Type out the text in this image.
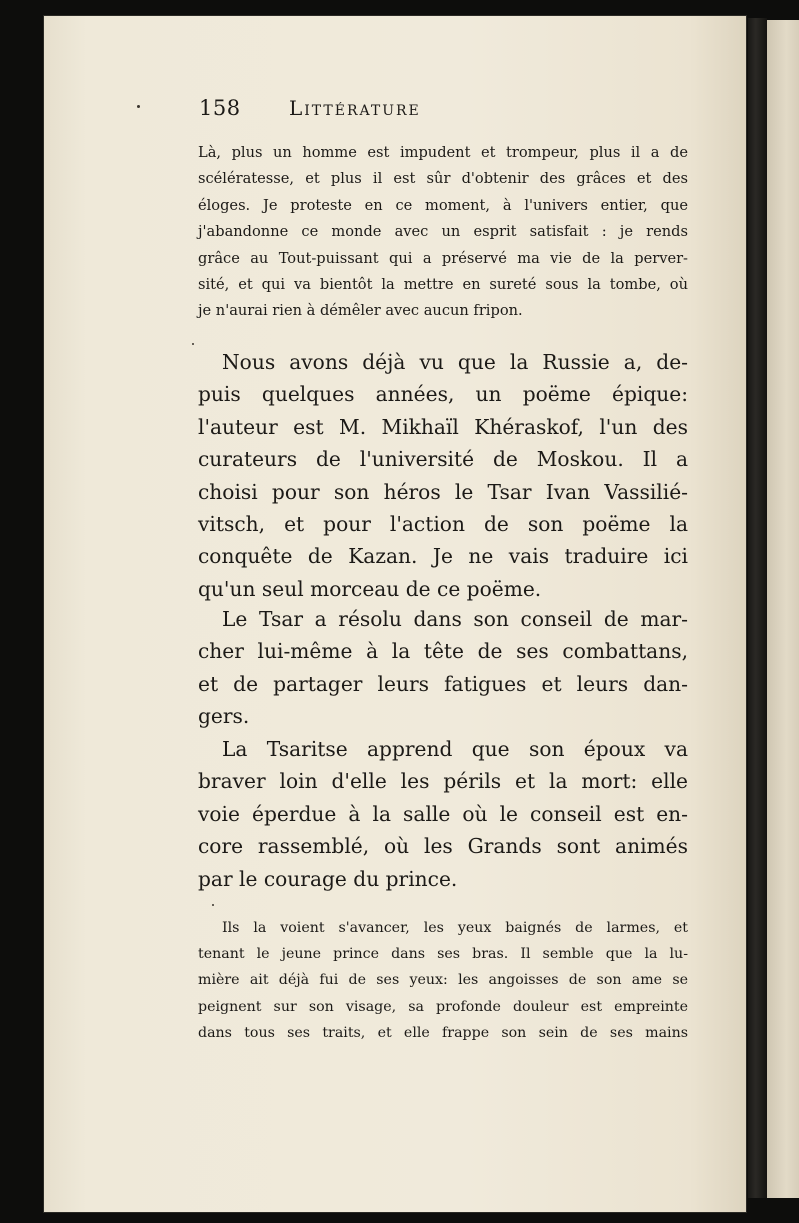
158 Littérature
Là, plus un homme est impudent et trompeur, plus il a de
scélératesse, et plus il est sûr d'obtenir des grâces et des
éloges. Je proteste en ce moment, à l'univers entier, que
j'abandonne ce monde avec un esprit satisfait : je rends
grâce au Tout-puissant qui a préservé ma vie de la perver-
sité, et qui va bientôt la mettre en sureté sous la tombe, où
je n'aurai rien à démêler avec aucun fripon.
Nous avons déjà vu que la Russie a, de-
puis quelques années, un poëme épique:
l'auteur est M. Mikhaïl Khéraskof, l'un des
curateurs de l'université de Moskou. Il a
choisi pour son héros le Tsar Ivan Vassilié-
vitsch, et pour l'action de son poëme la
conquête de Kazan. Je ne vais traduire ici
qu'un seul morceau de ce poëme.
Le Tsar a résolu dans son conseil de mar-
cher lui-même à la tête de ses combattans,
et de partager leurs fatigues et leurs dan-
gers.
La Tsaritse apprend que son époux va
braver loin d'elle les périls et la mort: elle
voie éperdue à la salle où le conseil est en-
core rassemblé, où les Grands sont animés
par le courage du prince.
Ils la voient s'avancer, les yeux baignés de larmes, et
tenant le jeune prince dans ses bras. Il semble que la lu-
mière ait déjà fui de ses yeux: les angoisses de son ame se
peignent sur son visage, sa profonde douleur est empreinte
dans tous ses traits, et elle frappe son sein de ses mains
